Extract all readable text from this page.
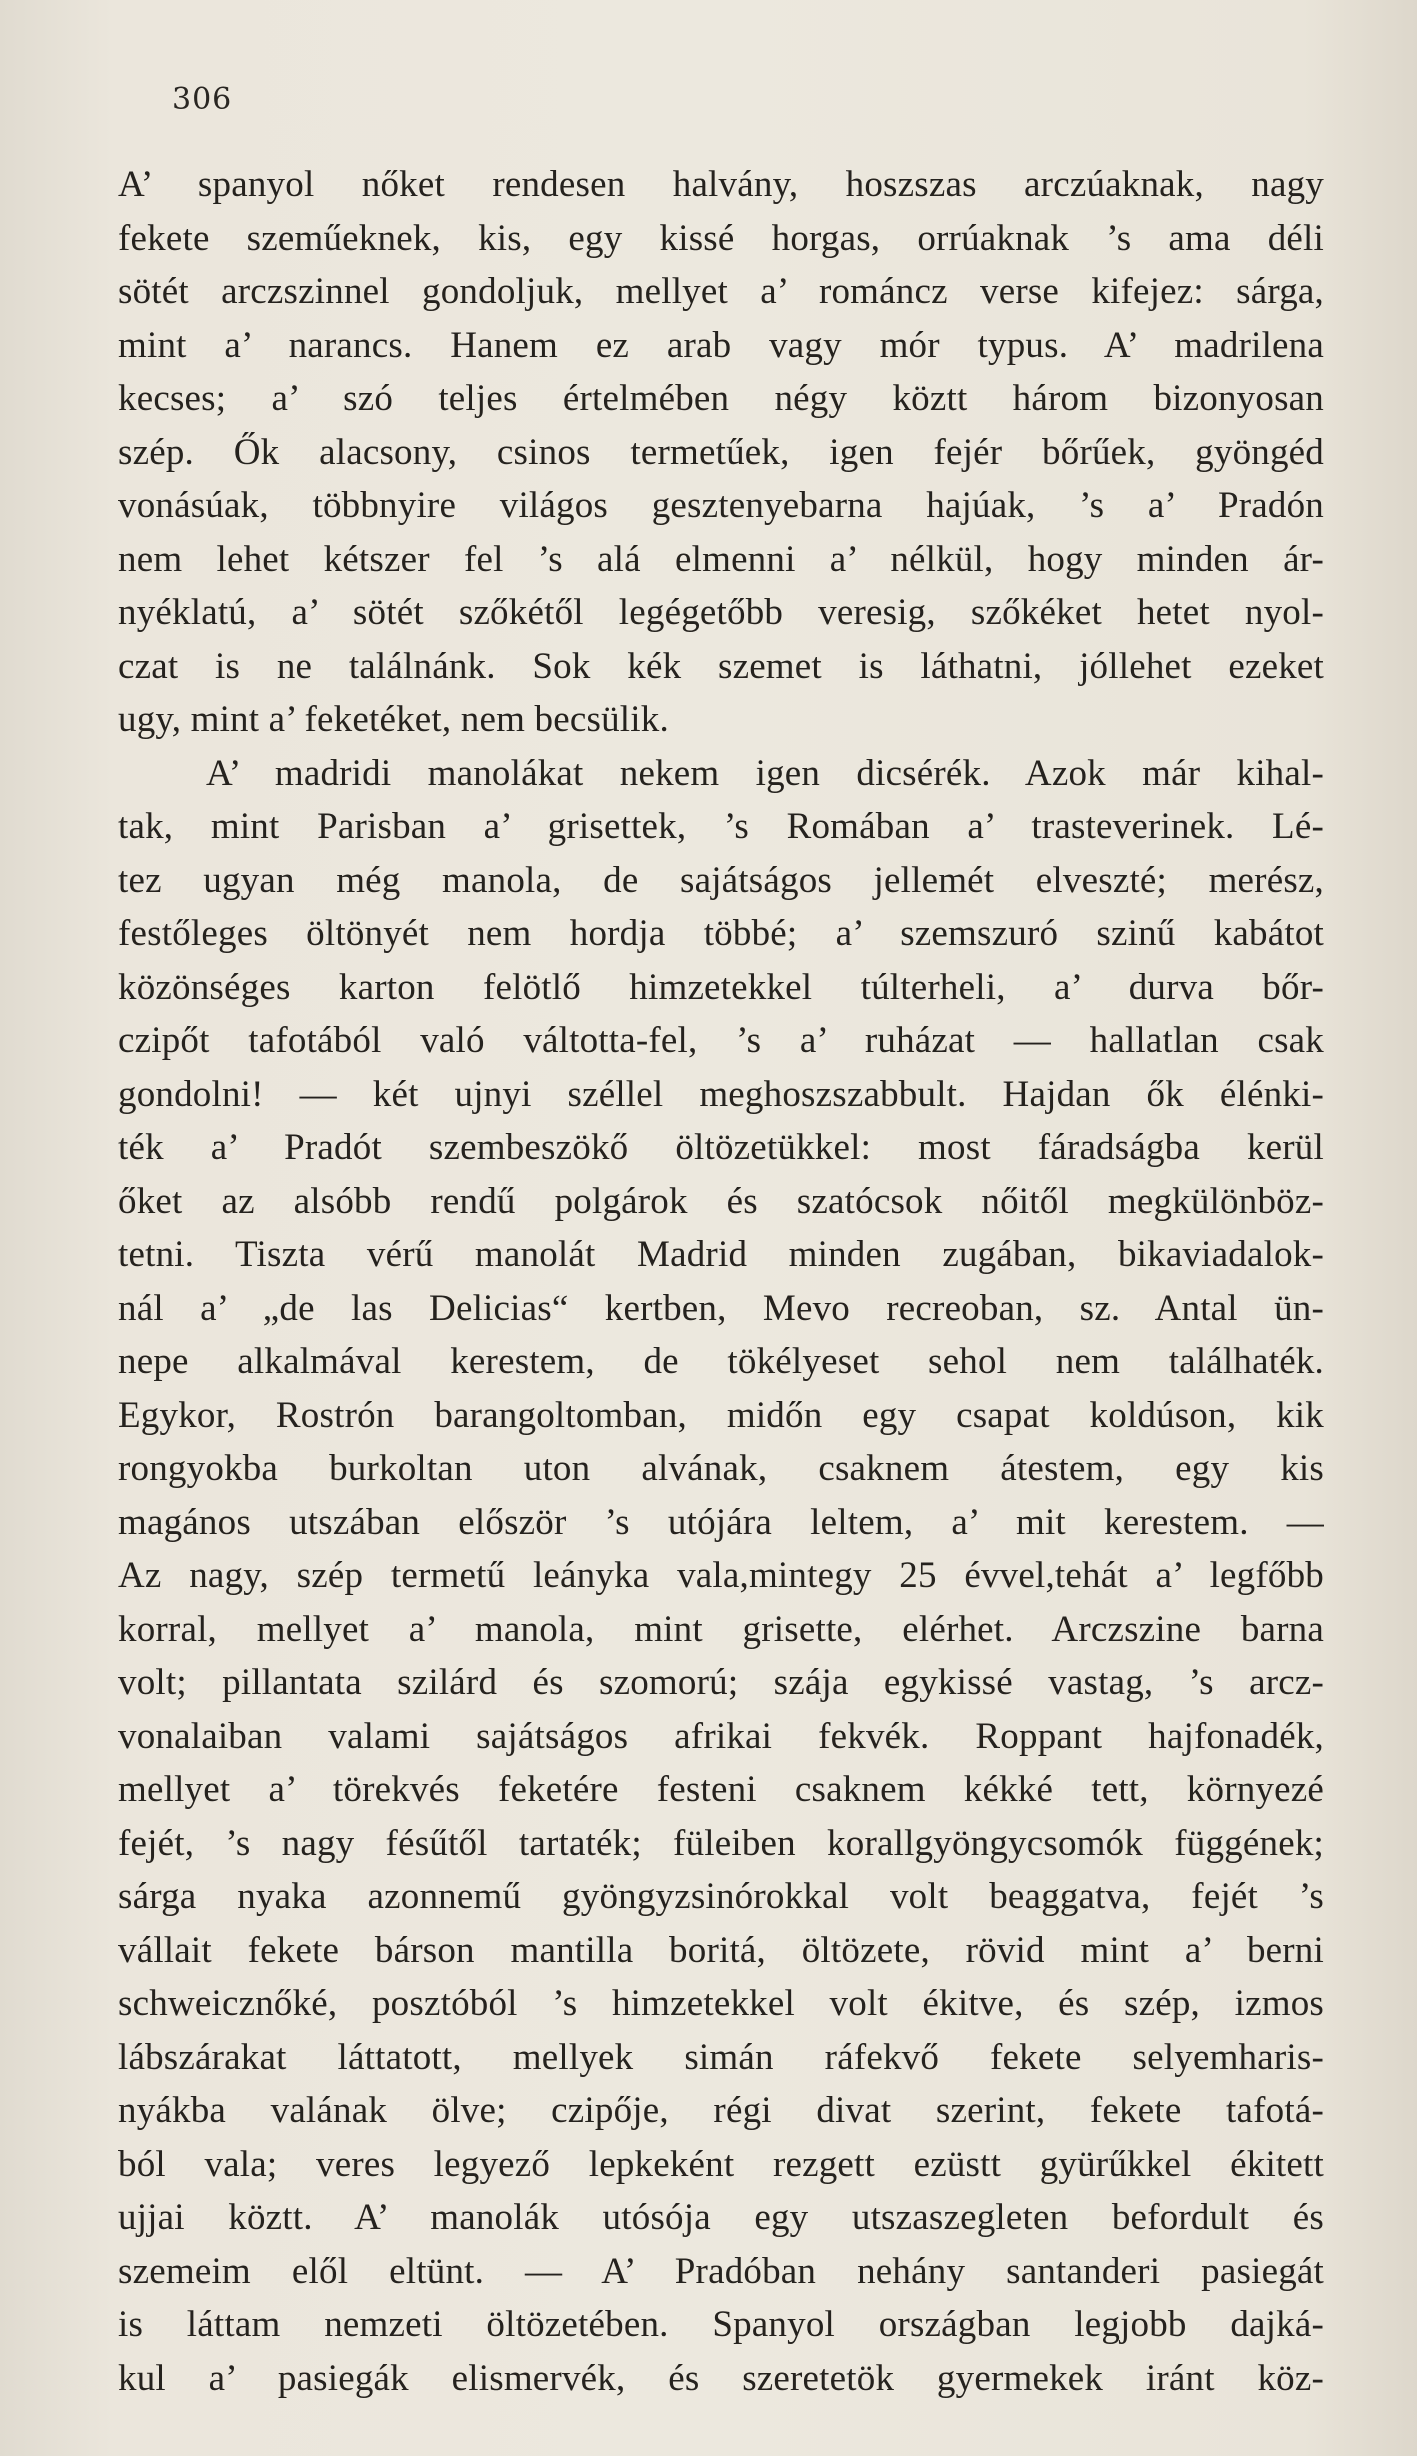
306
A’ spanyol nőket rendesen halvány, hoszszas arczúaknak, nagy
fekete szeműeknek, kis, egy kissé horgas, orrúaknak ’s ama déli
sötét arczszinnel gondoljuk, mellyet a’ románcz verse kifejez: sárga,
mint a’ narancs. Hanem ez arab vagy mór typus. A’ madrilena
kecses; a’ szó teljes értelmében négy köztt három bizonyosan
szép. Ők alacsony, csinos termetűek, igen fejér bőrűek, gyöngéd
vonásúak, többnyire világos gesztenyebarna hajúak, ’s a’ Pradón
nem lehet kétszer fel ’s alá elmenni a’ nélkül, hogy minden ár-
nyéklatú, a’ sötét szőkétől legégetőbb veresig, szőkéket hetet nyol-
czat is ne találnánk. Sok kék szemet is láthatni, jóllehet ezeket
ugy, mint a’ feketéket, nem becsülik.
A’ madridi manolákat nekem igen dicsérék. Azok már kihal-
tak, mint Parisban a’ grisettek, ’s Romában a’ trasteverinek. Lé-
tez ugyan még manola, de sajátságos jellemét elveszté; merész,
festőleges öltönyét nem hordja többé; a’ szemszuró szinű kabátot
közönséges karton felötlő himzetekkel túlterheli, a’ durva bőr-
czipőt tafotából való váltotta-fel, ’s a’ ruházat — hallatlan csak
gondolni! — két ujnyi széllel meghoszszabbult. Hajdan ők élénki-
ték a’ Pradót szembeszökő öltözetükkel: most fáradságba kerül
őket az alsóbb rendű polgárok és szatócsok nőitől megkülönböz-
tetni. Tiszta vérű manolát Madrid minden zugában, bikaviadalok-
nál a’ „de las Delicias“ kertben, Mevo recreoban, sz. Antal ün-
nepe alkalmával kerestem, de tökélyeset sehol nem találhaték.
Egykor, Rostrón barangoltomban, midőn egy csapat koldúson, kik
rongyokba burkoltan uton alvának, csaknem átestem, egy kis
magános utszában először ’s utójára leltem, a’ mit kerestem. —
Az nagy, szép termetű leányka vala,mintegy 25 évvel,tehát a’ legfőbb
korral, mellyet a’ manola, mint grisette, elérhet. Arczszine barna
volt; pillantata szilárd és szomorú; szája egykissé vastag, ’s arcz-
vonalaiban valami sajátságos afrikai fekvék. Roppant hajfonadék,
mellyet a’ törekvés feketére festeni csaknem kékké tett, környezé
fejét, ’s nagy fésűtől tartaték; füleiben korallgyöngycsomók függének;
sárga nyaka azonnemű gyöngyzsinórokkal volt beaggatva, fejét ’s
vállait fekete bárson mantilla boritá, öltözete, rövid mint a’ berni
schweicznőké, posztóból ’s himzetekkel volt ékitve, és szép, izmos
lábszárakat láttatott, mellyek simán ráfekvő fekete selyemharis-
nyákba valának ölve; czipője, régi divat szerint, fekete tafotá-
ból vala; veres legyező lepkeként rezgett ezüstt gyürűkkel ékitett
ujjai köztt. A’ manolák utósója egy utszaszegleten befordult és
szemeim elől eltünt. — A’ Pradóban nehány santanderi pasiegát
is láttam nemzeti öltözetében. Spanyol országban legjobb dajká-
kul a’ pasiegák elismervék, és szeretetök gyermekek iránt köz-
